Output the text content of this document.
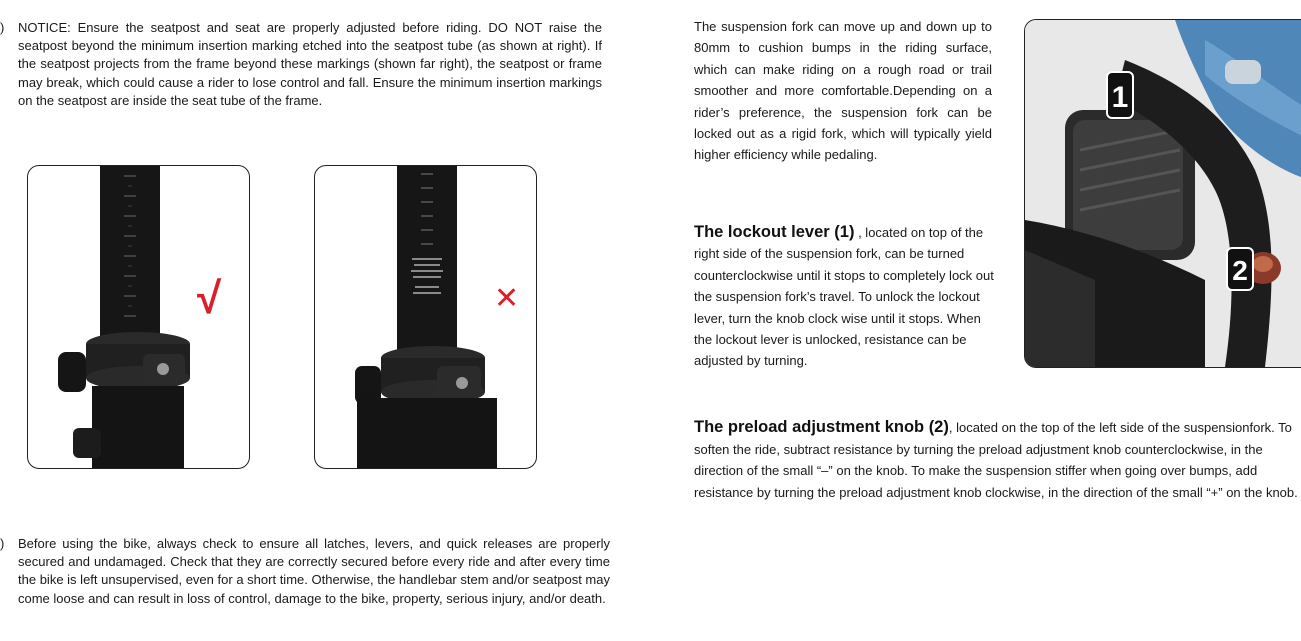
) NOTICE: Ensure the seatpost and seat are properly adjusted before riding. DO NOT raise the seatpost beyond the minimum insertion marking etched into the seatpost tube (as shown at right). If the seatpost projects from the frame beyond these markings (shown far right), the seatpost or frame may break, which could cause a rider to lose control and fall. Ensure the minimum insertion markings on the seatpost are inside the seat tube of the frame.

√	✕
) Before using the bike, always check to ensure all latches, levers, and quick releases are properly secured and undamaged. Check that they are correctly secured before every ride and after every time the bike is left unsupervised, even for a short time. Otherwise, the handlebar stem and/or seatpost may come loose and can result in loss of control, damage to the bike, property, serious injury, and/or death.

The suspension fork can move up and down up to 80mm to cushion bumps in the riding surface, which can make riding on a rough road or trail smoother and more comfortable.Depending on a rider’s preference, the suspension fork can be locked out as a rigid fork, which will typically yield higher efficiency while pedaling.

The lockout lever (1) , located on top of the right side of the suspension fork, can be turned counterclockwise until it stops to completely lock out the suspension fork’s travel. To unlock the lockout lever, turn the knob clock wise until it stops. When the lockout lever is unlocked, resistance can be adjusted by turning.

1
2

The preload adjustment knob (2), located on the top of the left side of the suspensionfork. To soften the ride, subtract resistance by turning the preload adjustment knob counterclockwise, in the direction of the small “–” on the knob. To make the suspension stiffer when going over bumps, add resistance by turning the preload adjustment knob clockwise, in the direction of the small “+” on the knob.
